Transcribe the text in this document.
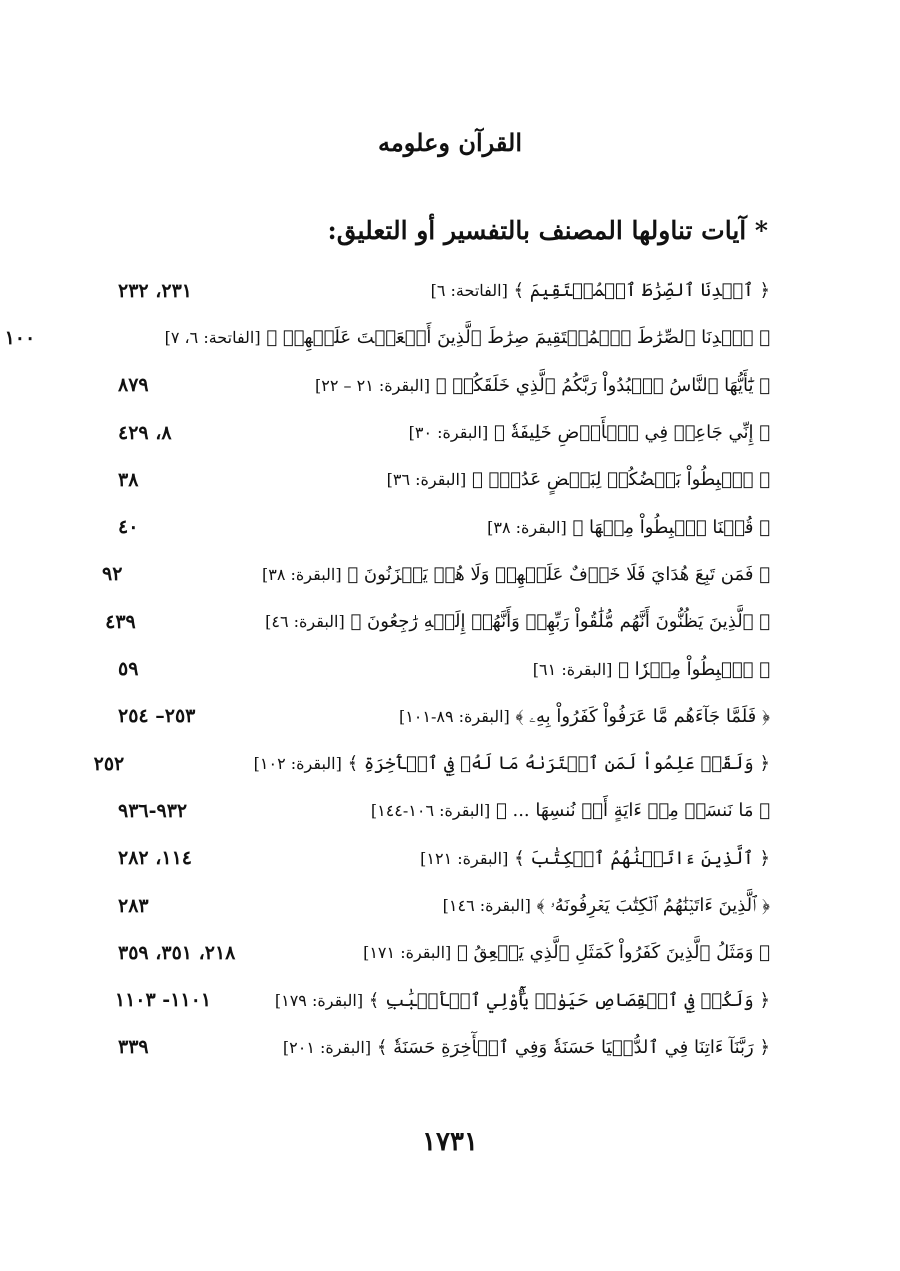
القرآن وعلومه
* آيات تناولها المصنف بالتفسير أو التعليق:
﴿ ٱهۡدِنَا ٱلصِّرَٰطَ ٱلۡمُسۡتَقِيمَ ﴾ [الفاتحة: ٦]
٢٣١، ٢٣٢
﴿ ٱهۡدِنَا ٱلصِّرَٰطَ ٱلۡمُسۡتَقِيمَ صِرَٰطَ ٱلَّذِينَ أَنۡعَمۡتَ عَلَيۡهِمۡ ﴾ [الفاتحة: ٦، ٧]
١٠٠
﴿ يَٰٓأَيُّهَا ٱلنَّاسُ ٱعۡبُدُواْ رَبَّكُمُ ٱلَّذِي خَلَقَكُمۡ ﴾ [البقرة: ٢١ – ٢٢]
٨٧٩
﴿ إِنِّي جَاعِلٞ فِي ٱلۡأَرۡضِ خَلِيفَةٗ ﴾ [البقرة: ٣٠]
٨، ٤٢٩
﴿ ٱهۡبِطُواْ بَعۡضُكُمۡ لِبَعۡضٍ عَدُوّٞ ﴾ [البقرة: ٣٦]
٣٨
﴿ قُلۡنَا ٱهۡبِطُواْ مِنۡهَا ﴾ [البقرة: ٣٨]
٤٠
﴿ فَمَن تَبِعَ هُدَايَ فَلَا خَوۡفٌ عَلَيۡهِمۡ وَلَا هُمۡ يَحۡزَنُونَ ﴾ [البقرة: ٣٨]
٩٢
﴿ ٱلَّذِينَ يَظُنُّونَ أَنَّهُم مُّلَٰقُواْ رَبِّهِمۡ وَأَنَّهُمۡ إِلَيۡهِ رَٰجِعُونَ ﴾ [البقرة: ٤٦]
٤٣٩
﴿ ٱهۡبِطُواْ مِصۡرٗا ﴾ [البقرة: ٦١]
٥٩
﴿ فَلَمَّا جَآءَهُم مَّا عَرَفُواْ كَفَرُواْ بِهِۦ ﴾ [البقرة: ٨٩-١٠١]
٢٥٣– ٢٥٤
﴿ وَلَقَدۡ عَلِمُواْ لَمَنِ ٱشۡتَرَىٰهُ مَا لَهُۥ فِي ٱلۡأٓخِرَةِ ﴾ [البقرة: ١٠٢]
٢٥٢
﴿ مَا نَنسَخۡ مِنۡ ءَايَةٍ أَوۡ نُنسِهَا ... ﴾ [البقرة: ١٠٦-١٤٤]
٩٣٢-٩٣٦
﴿ ٱلَّذِينَ ءَاتَيۡنَٰهُمُ ٱلۡكِتَٰبَ ﴾ [البقرة: ١٢١]
١١٤، ٢٨٢
﴿ ٱلَّذِينَ ءَاتَيۡنَٰهُمُ ٱلۡكِتَٰبَ يَعۡرِفُونَهُۥ ﴾ [البقرة: ١٤٦]
٢٨٣
﴿ وَمَثَلُ ٱلَّذِينَ كَفَرُواْ كَمَثَلِ ٱلَّذِي يَنۡعِقُ ﴾ [البقرة: ١٧١]
٢١٨، ٣٥١، ٣٥٩
﴿ وَلَكُمۡ فِي ٱلۡقِصَاصِ حَيَوٰةٞ يَٰٓأُوْلِي ٱلۡأَلۡبَٰبِ ﴾ [البقرة: ١٧٩]
١١٠١- ١١٠٣
﴿ رَبَّنَآ ءَاتِنَا فِي ٱلدُّنۡيَا حَسَنَةٗ وَفِي ٱلۡأٓخِرَةِ حَسَنَةٗ ﴾ [البقرة: ٢٠١]
٣٣٩
١٧٣١
